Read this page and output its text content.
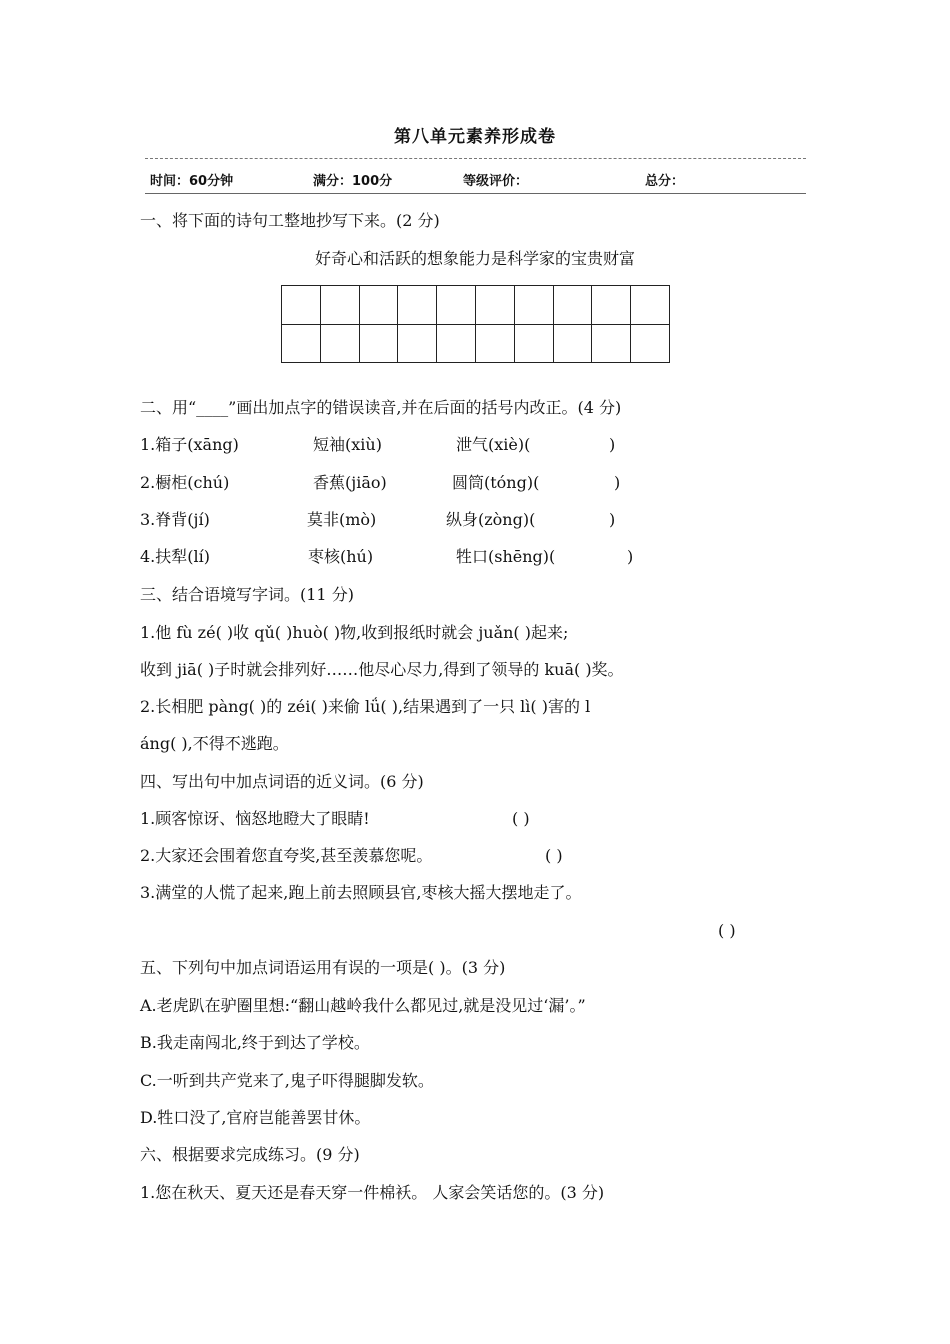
第八单元素养形成卷
时间：60分钟	满分：100分	等级评价：	总分：
一、将下面的诗句工整地抄写下来。(2 分)
好奇心和活跃的想象能力是科学家的宝贵财富
二、用“____”画出加点字的错误读音,并在后面的括号内改正。(4 分)
1.箱子(xāng)	短袖(xiù)	泄气(xiè)(	)
2.橱柜(chú)	香蕉(jiāo)	圆筒(tóng)(	)
3.脊背(jí)	莫非(mò)	纵身(zòng)(	)
4.扶犁(lí)	枣核(hú)	牲口(shēng)(	)
三、结合语境写字词。(11 分)
1.他 fù zé( )收 qǔ( )huò( )物,收到报纸时就会 juǎn( )起来;
收到 jiā( )子时就会排列好……他尽心尽力,得到了领导的 kuā( )奖。
2.长相肥 pàng( )的 zéi( )来偷 lǘ( ),结果遇到了一只 lì( )害的 l
áng( ),不得不逃跑。
四、写出句中加点词语的近义词。(6 分)
1.顾客惊讶、恼怒地瞪大了眼睛!	( )
2.大家还会围着您直夸奖,甚至羡慕您呢。	( )
3.满堂的人慌了起来,跑上前去照顾县官,枣核大摇大摆地走了。
( )
五、下列句中加点词语运用有误的一项是( )。(3 分)
A.老虎趴在驴圈里想:“翻山越岭我什么都见过,就是没见过‘漏’。”
B.我走南闯北,终于到达了学校。
C.一听到共产党来了,鬼子吓得腿脚发软。
D.牲口没了,官府岂能善罢甘休。
六、根据要求完成练习。(9 分)
1.您在秋天、夏天还是春天穿一件棉袄。 人家会笑话您的。(3 分)
